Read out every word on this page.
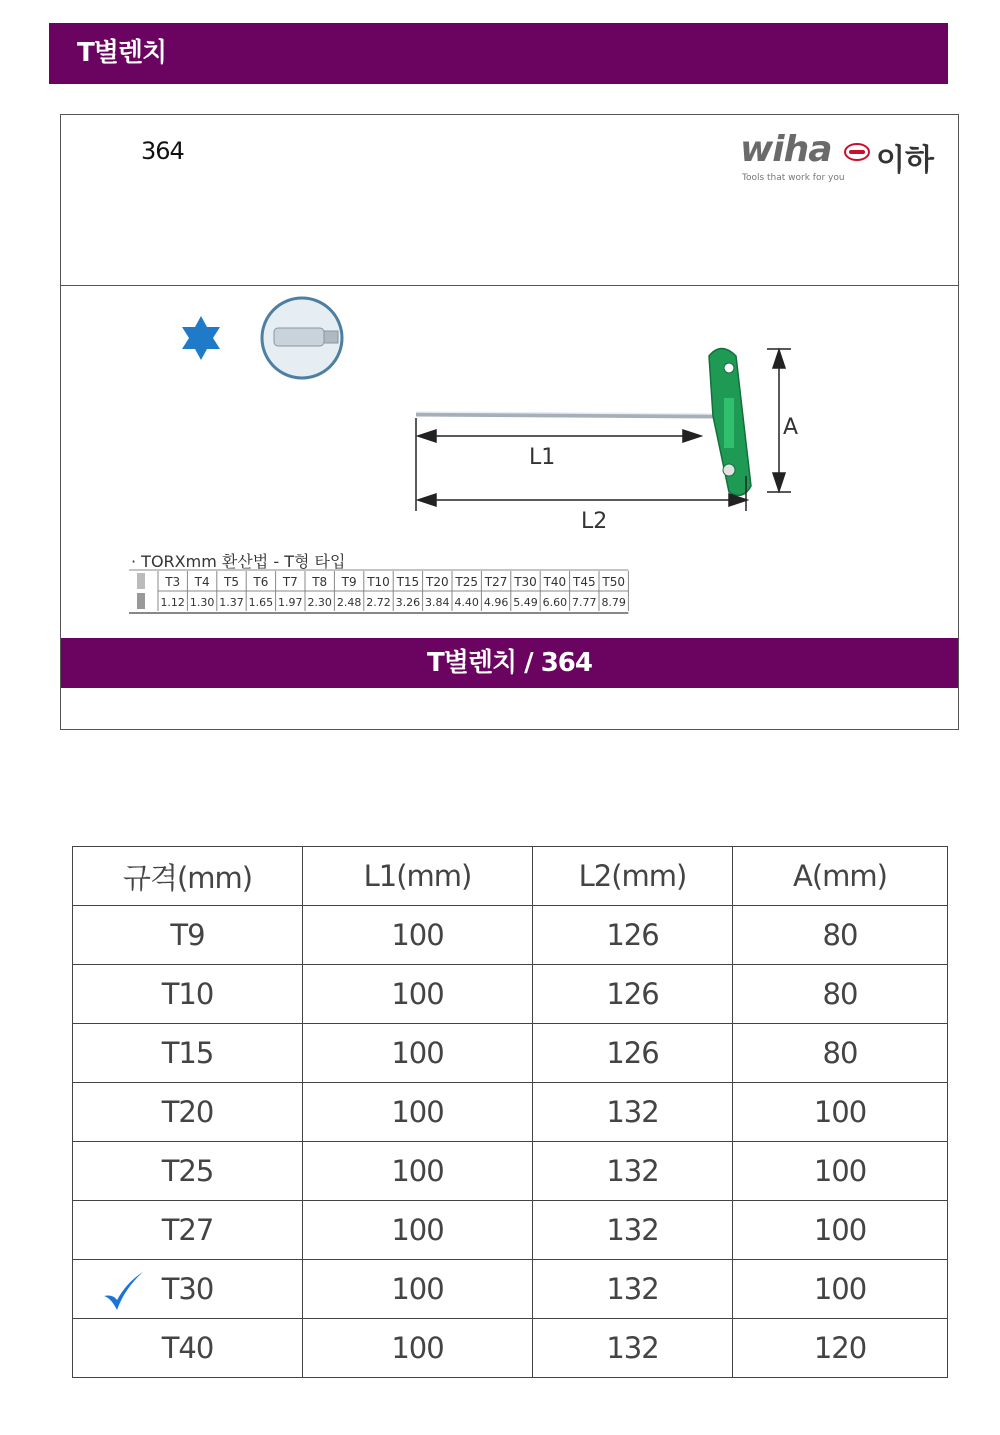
T별렌치
364	wiha 이하
Tools that work for you
L1
L2
A
· TORXmm 환산법 - T형 타입
T3 T4 T5 T6 T7 T8 T9 T10 T15 T20 T25 T27 T30 T40 T45 T50
1.12 1.30 1.37 1.65 1.97 2.30 2.48 2.72 3.26 3.84 4.40 4.96 5.49 6.60 7.77 8.79
T별렌치 / 364
규격(mm)	L1(mm)	L2(mm)	A(mm)
T9	100	126	80
T10	100	126	80
T15	100	126	80
T20	100	132	100
T25	100	132	100
T27	100	132	100
T30	100	132	100
T40	100	132	120
